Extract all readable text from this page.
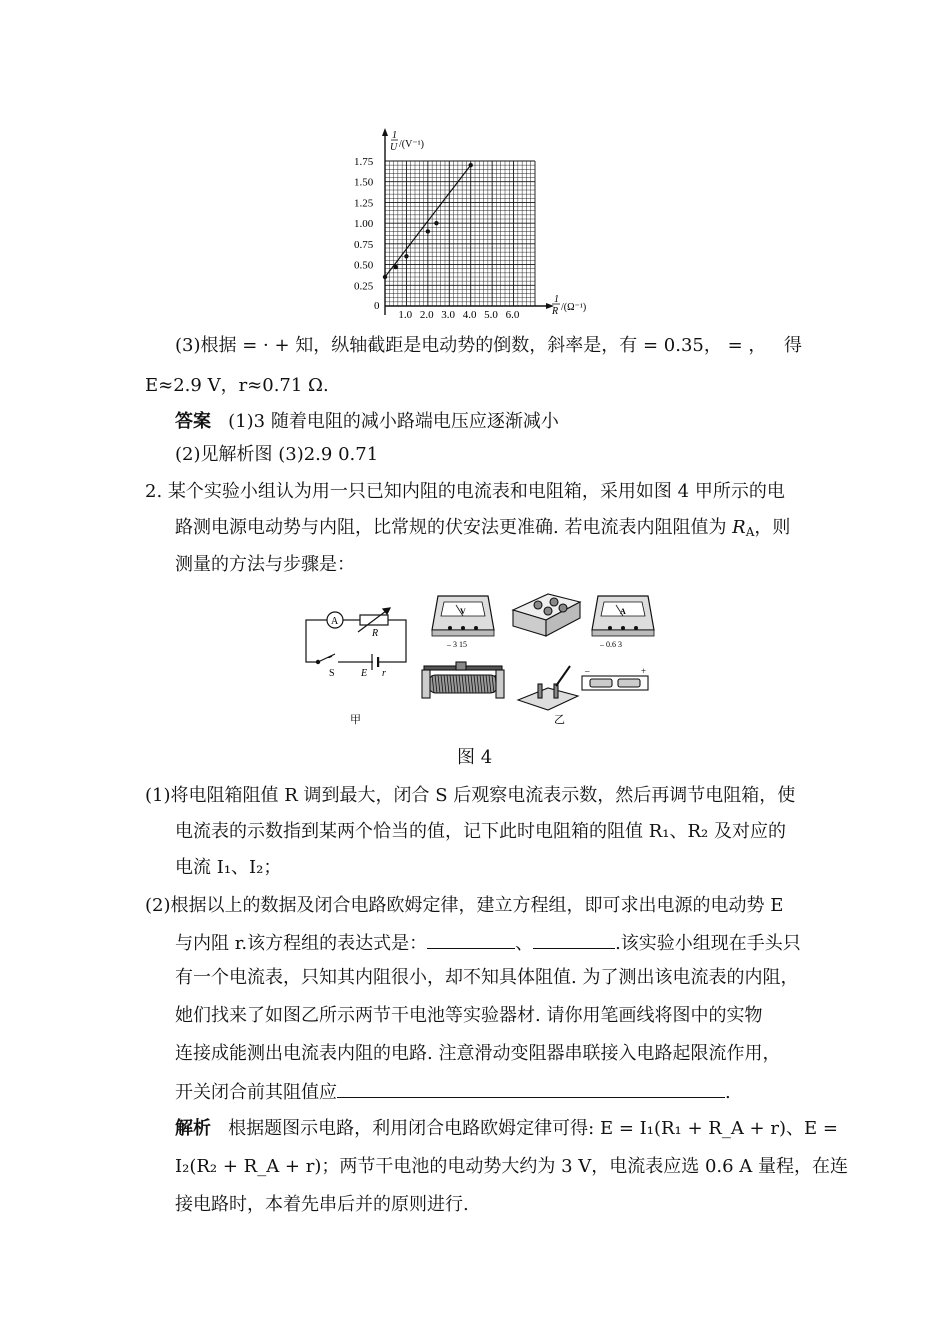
1
U /(V⁻¹)
1
R /(Ω⁻¹)
0
1.75
1.50
1.25
1.00
0.75
0.50
0.25
1.0 2.0 3.0 4.0 5.0 6.0
(3)根据 = · + 知，纵轴截距是电动势的倒数，斜率是，有 = 0.35， = ， 得
E≈2.9 V，r≈0.71 Ω.
答案 (1)3 随着电阻的减小路端电压应逐渐减小
(2)见解析图 (3)2.9 0.71
2. 某个实验小组认为用一只已知内阻的电流表和电阻箱，采用如图 4 甲所示的电
路测电源电动势与内阻，比常规的伏安法更准确. 若电流表内阻阻值为 $R_A$，则
测量的方法与步骤是：
A
R
S	E r
甲
V
– 3 15
A
– 0.6 3
乙
–	+
图 4
(1)将电阻箱阻值 R 调到最大，闭合 S 后观察电流表示数，然后再调节电阻箱，使
电流表的示数指到某两个恰当的值，记下此时电阻箱的阻值 R₁、R₂ 及对应的
电流 I₁、I₂；
(2)根据以上的数据及闭合电路欧姆定律，建立方程组，即可求出电源的电动势 E
与内阻 r.该方程组的表达式是：	、	.该实验小组现在手头只
有一个电流表，只知其内阻很小，却不知具体阻值. 为了测出该电流表的内阻，
她们找来了如图乙所示两节干电池等实验器材. 请你用笔画线将图中的实物
连接成能测出电流表内阻的电路. 注意滑动变阻器串联接入电路起限流作用，
开关闭合前其阻值应	.
解析 根据题图示电路，利用闭合电路欧姆定律可得: E = I₁(R₁ + R_A + r)、E =
I₂(R₂ + R_A + r)；两节干电池的电动势大约为 3 V，电流表应选 0.6 A 量程，在连
接电路时，本着先串后并的原则进行.
